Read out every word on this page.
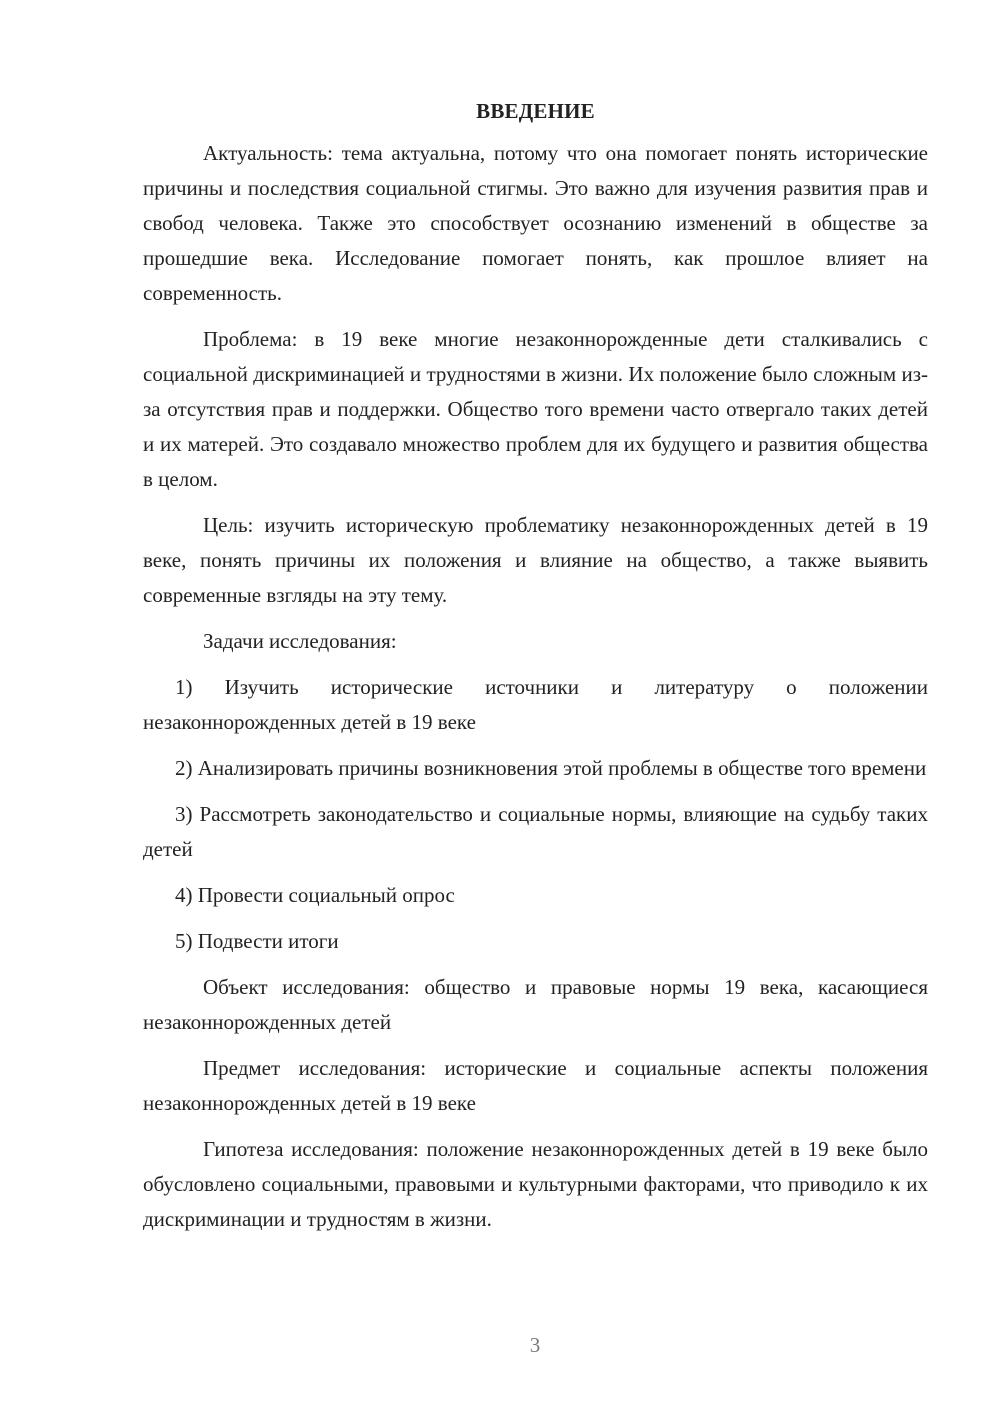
ВВЕДЕНИЕ

Актуальность: тема актуальна, потому что она помогает понять исторические причины и последствия социальной стигмы. Это важно для изучения развития прав и свобод человека. Также это способствует осознанию изменений в обществе за прошедшие века. Исследование помогает понять, как прошлое влияет на современность.

Проблема: в 19 веке многие незаконнорожденные дети сталкивались с социальной дискриминацией и трудностями в жизни. Их положение было сложным из-за отсутствия прав и поддержки. Общество того времени часто отвергало таких детей и их матерей. Это создавало множество проблем для их будущего и развития общества в целом.

Цель: изучить историческую проблематику незаконнорожденных детей в 19 веке, понять причины их положения и влияние на общество, а также выявить современные взгляды на эту тему.

Задачи исследования:

1) Изучить исторические источники и литературу о положении незаконнорожденных детей в 19 веке

2) Анализировать причины возникновения этой проблемы в обществе того времени

3) Рассмотреть законодательство и социальные нормы, влияющие на судьбу таких детей

4) Провести социальный опрос

5) Подвести итоги

Объект исследования: общество и правовые нормы 19 века, касающиеся незаконнорожденных детей

Предмет исследования: исторические и социальные аспекты положения незаконнорожденных детей в 19 веке

Гипотеза исследования: положение незаконнорожденных детей в 19 веке было обусловлено социальными, правовыми и культурными факторами, что приводило к их дискриминации и трудностям в жизни.

3
